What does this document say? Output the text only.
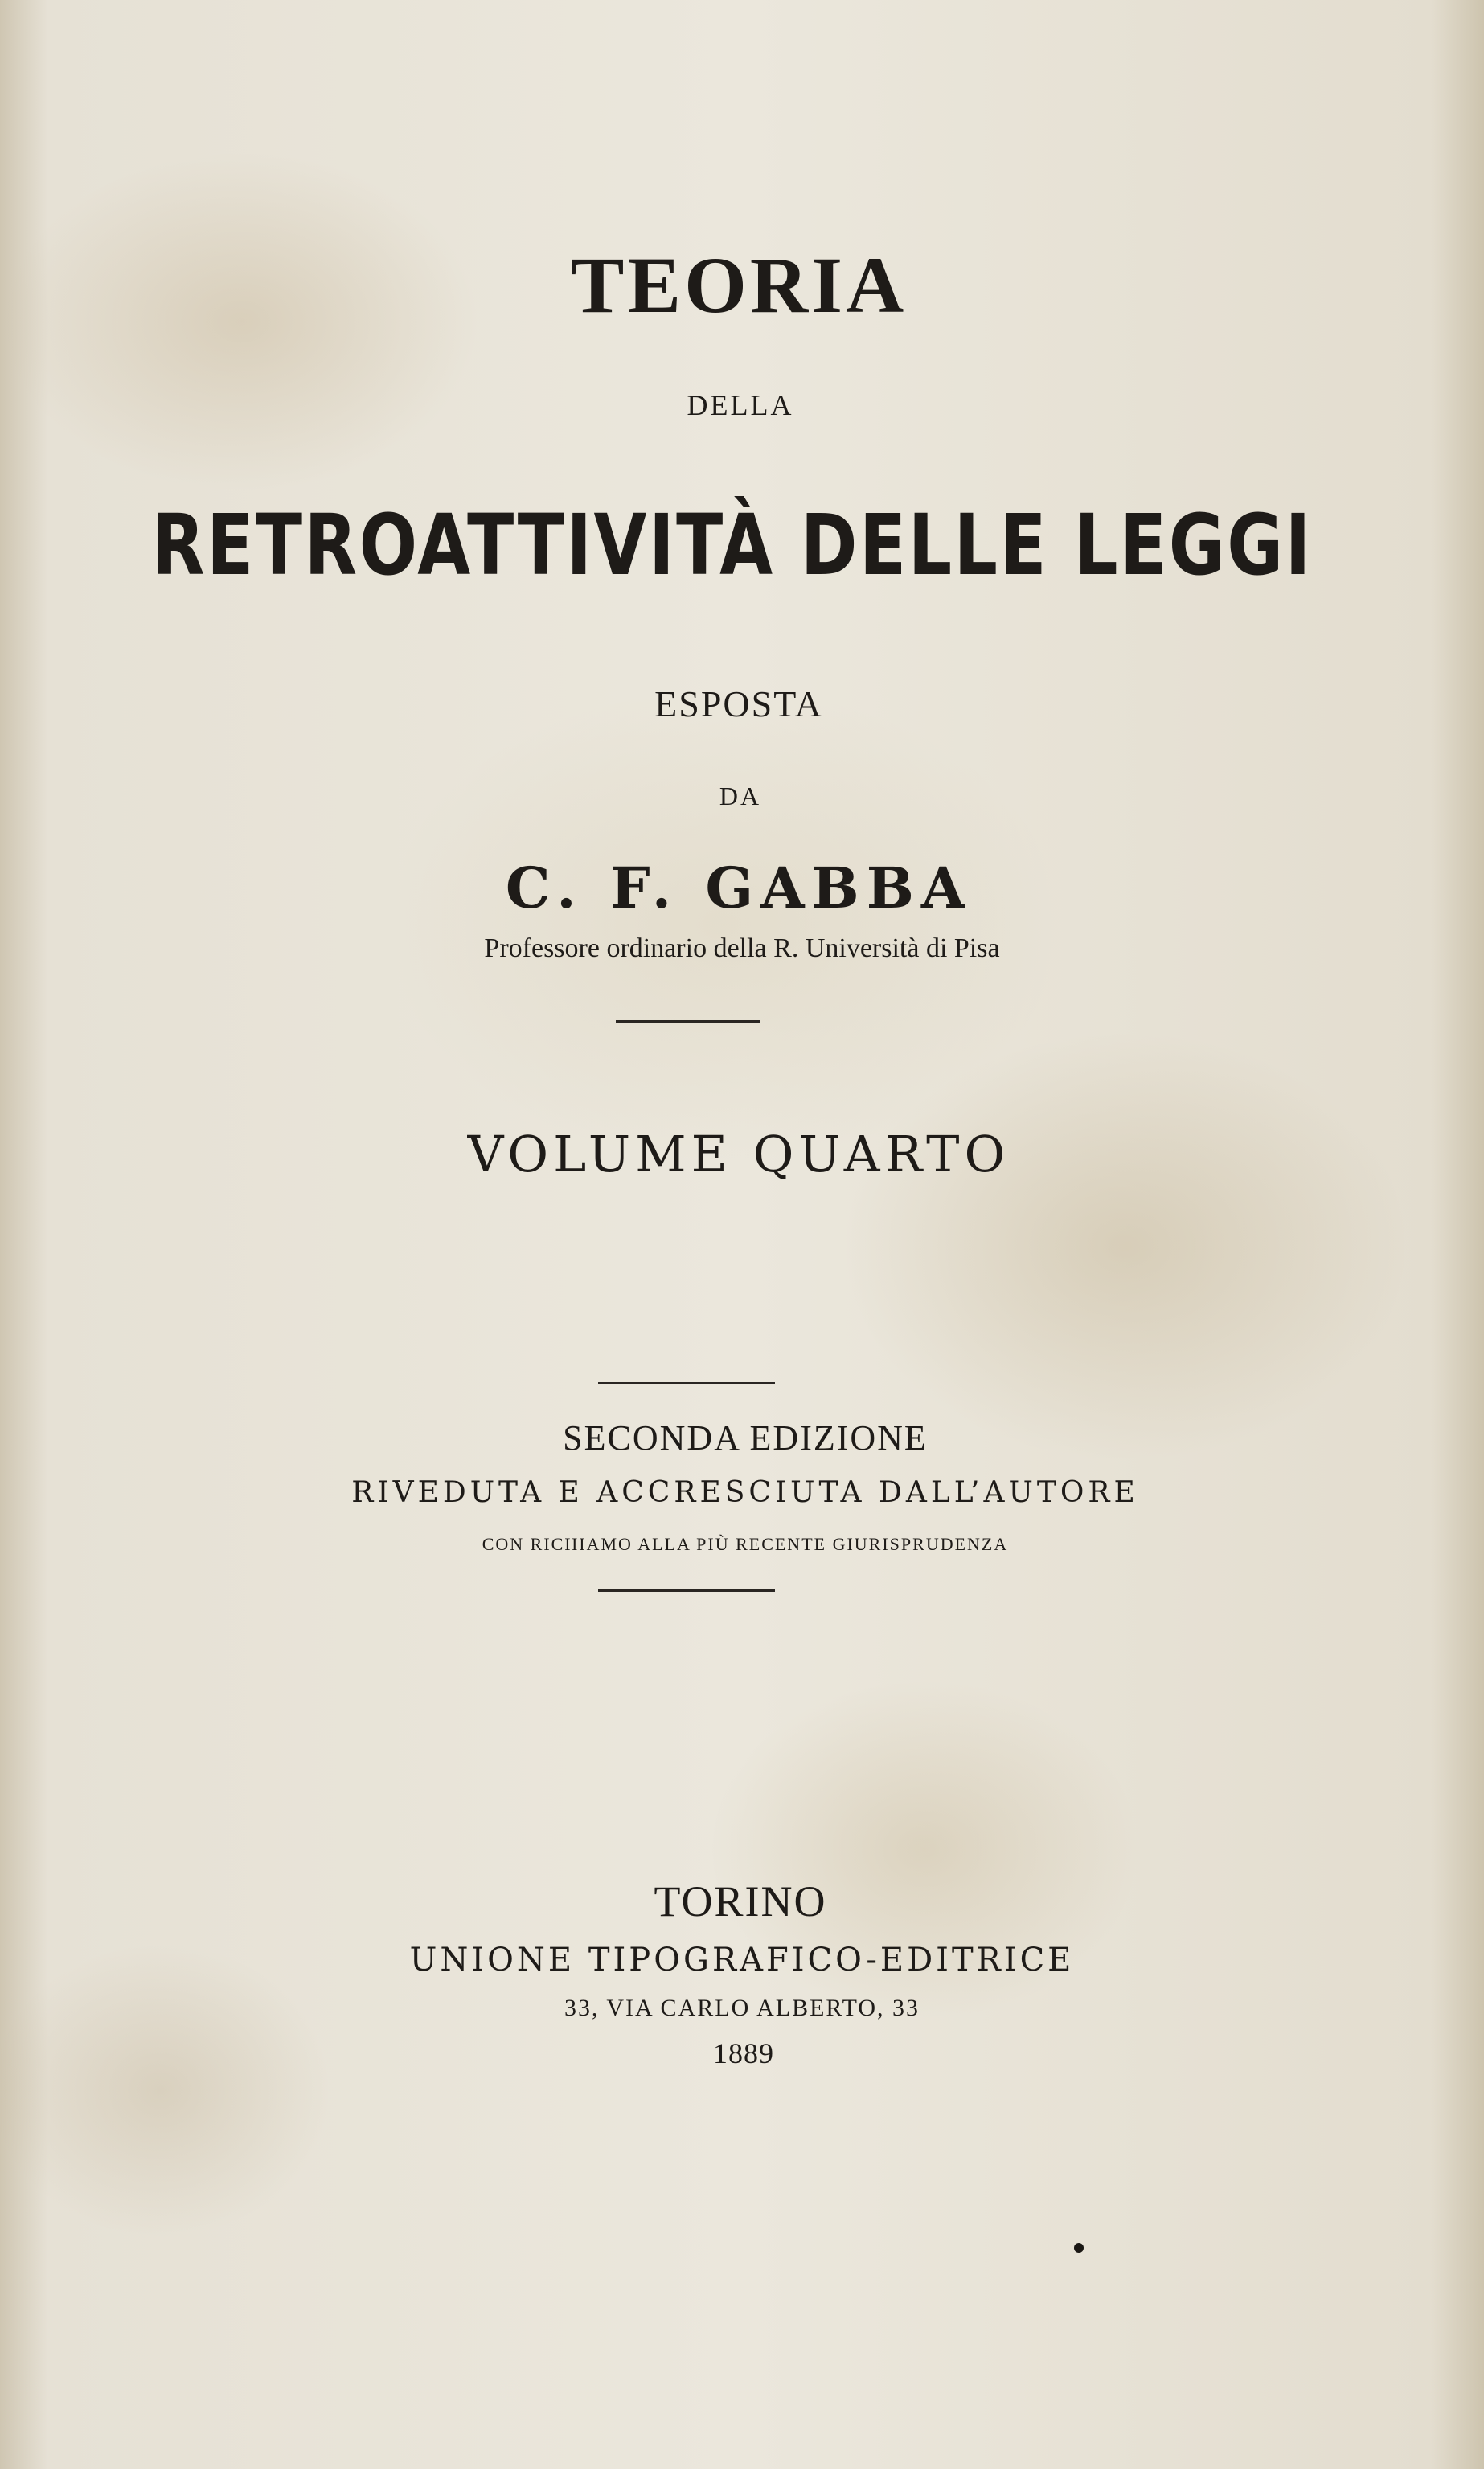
TEORIA
DELLA
RETROATTIVITÀ DELLE LEGGI
ESPOSTA
DA
C. F. GABBA
Professore ordinario della R. Università di Pisa
VOLUME QUARTO
SECONDA EDIZIONE
RIVEDUTA E ACCRESCIUTA DALL’AUTORE
CON RICHIAMO ALLA PIÙ RECENTE GIURISPRUDENZA
TORINO
UNIONE TIPOGRAFICO-EDITRICE
33, VIA CARLO ALBERTO, 33
1889
